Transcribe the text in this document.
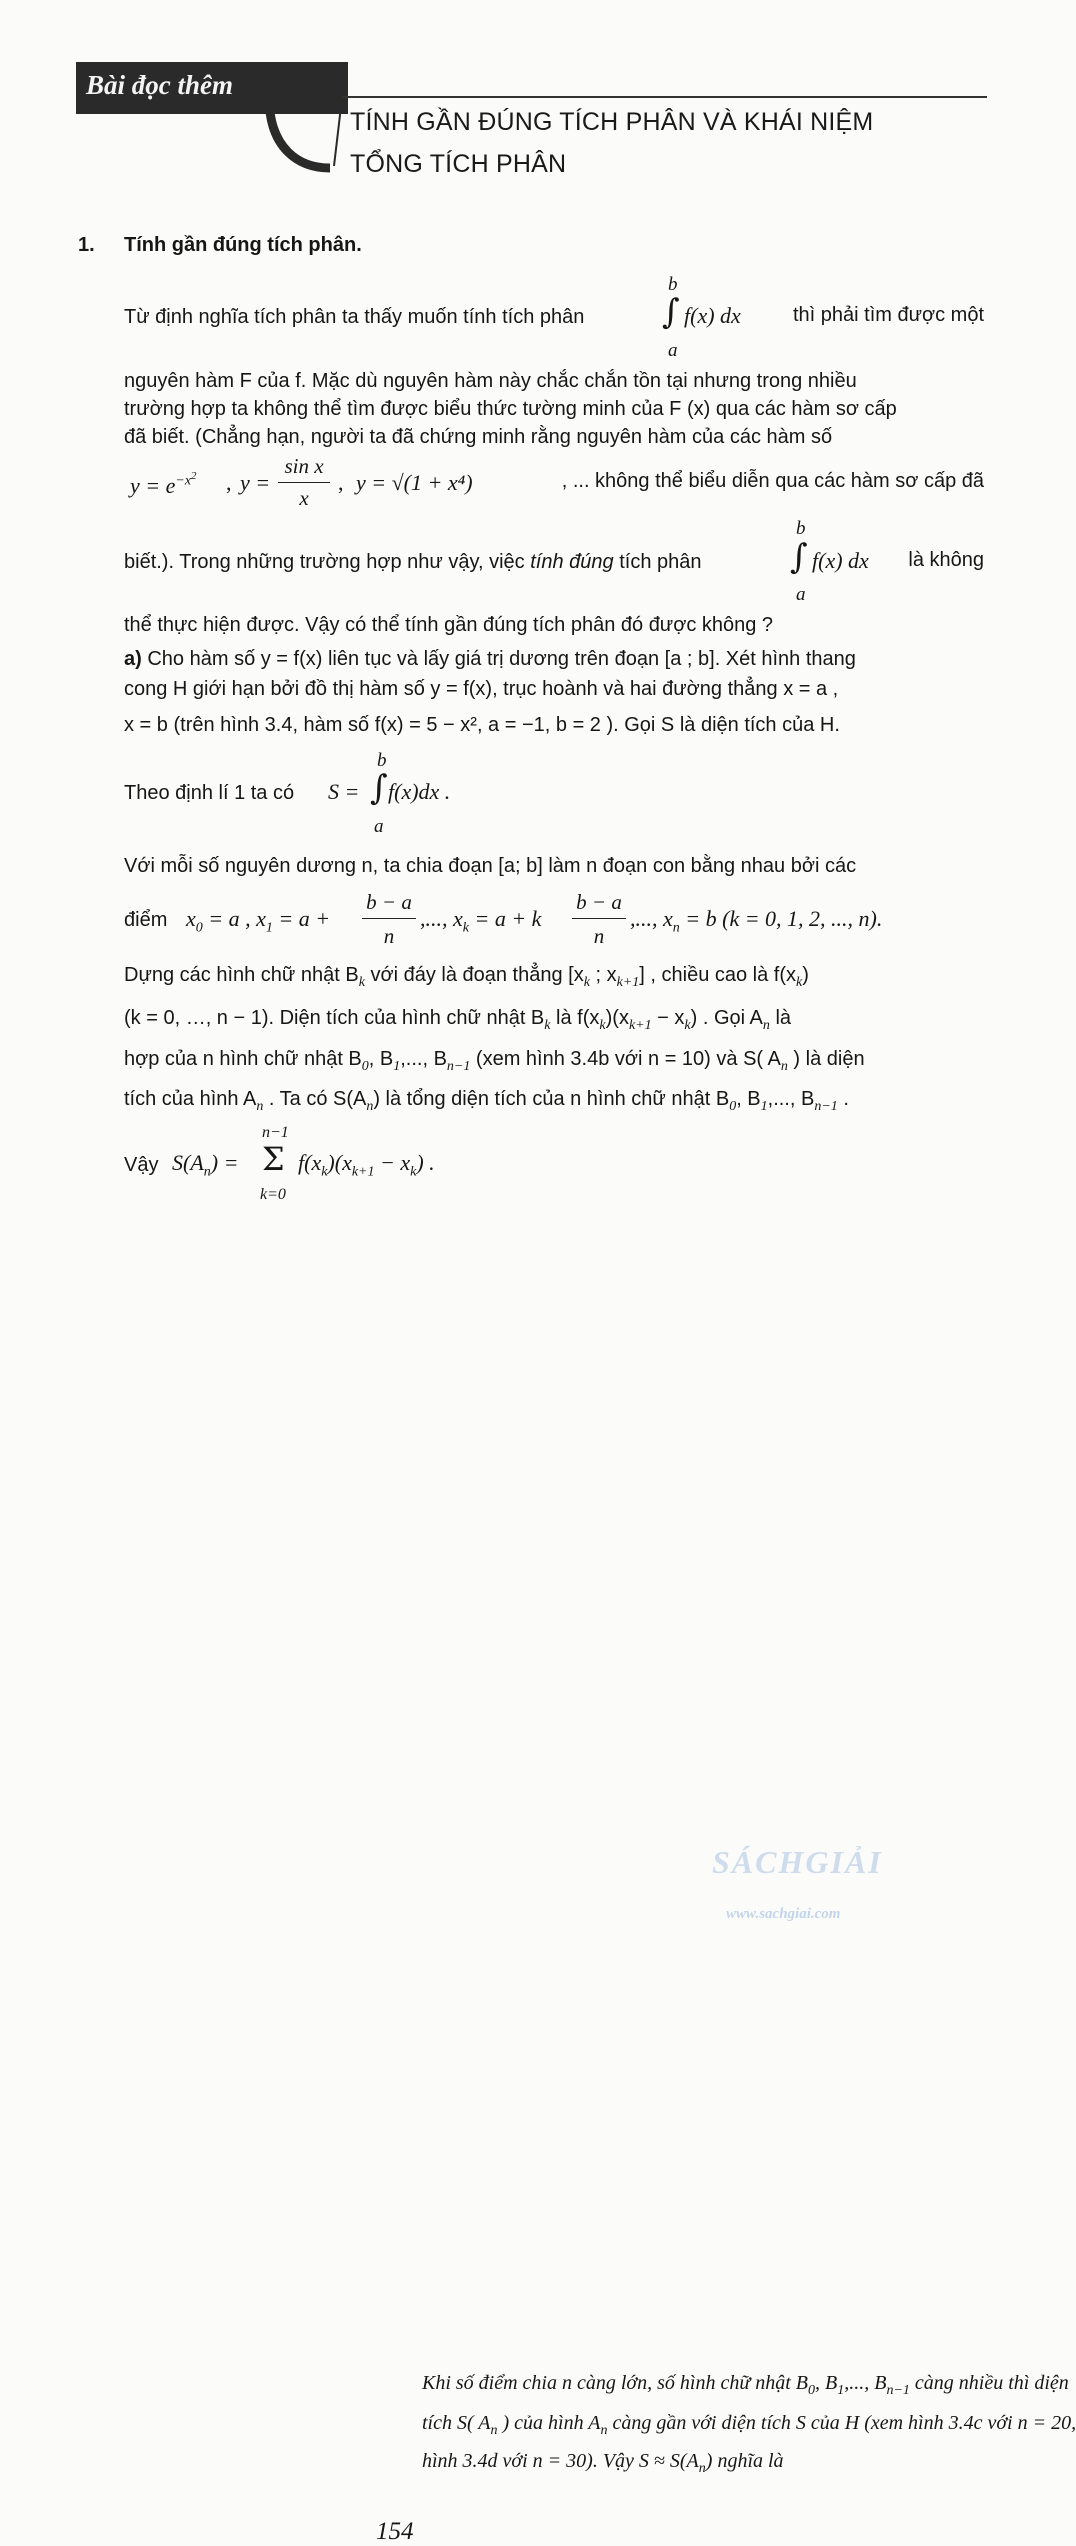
Bài đọc thêm
TÍNH GẦN ĐÚNG TÍCH PHÂN VÀ KHÁI NIỆM
TỔNG TÍCH PHÂN
1. Tính gần đúng tích phân.
Từ định nghĩa tích phân ta thấy muốn tính tích phân
b
∫
a
f(x) dx	thì phải tìm được một
nguyên hàm F của f. Mặc dù nguyên hàm này chắc chắn tồn tại nhưng trong nhiều
trường hợp ta không thể tìm được biểu thức tường minh của F (x) qua các hàm sơ cấp
đã biết. (Chẳng hạn, người ta đã chứng minh rằng nguyên hàm của các hàm số
$y = e^{-x2}$ , y =
sin x
x
, y = √(1 + x⁴)	, ... không thể biểu diễn qua các hàm sơ cấp đã
biết.). Trong những trường hợp như vậy, việc tính đúng tích phân
b
∫
a
f(x) dx là không
thể thực hiện được. Vậy có thể tính gần đúng tích phân đó được không ?
a) Cho hàm số y = f(x) liên tục và lấy giá trị dương trên đoạn [a ; b]. Xét hình thang
cong H giới hạn bởi đồ thị hàm số y = f(x), trục hoành và hai đường thẳng x = a ,
x = b (trên hình 3.4, hàm số f(x) = 5 − x², a = −1, b = 2 ). Gọi S là diện tích của H.
Theo định lí 1 ta có S =
b
∫
a
f(x)dx .
Với mỗi số nguyên dương n, ta chia đoạn [a; b] làm n đoạn con bằng nhau bởi các
điểm $x_0 = a$ , $x_1 = a$ +
b − a
n
,..., $x_k = a + k$
b − a
n
,..., $x_n = b$ (k = 0, 1, 2, ..., n).
Dựng các hình chữ nhật $B_k$ với đáy là đoạn thẳng [$x_k$ ; $x_{k+1}$] , chiều cao là $f(x_k)$
(k = 0, …, n − 1). Diện tích của hình chữ nhật $B_k$ là $f(x_k)(x_{k+1} - x_k)$ . Gọi $A_n$ là
hợp của n hình chữ nhật $B_0$, $B_1$,..., $B_{n-1}$ (xem hình 3.4b với n = 10) và S( $A_n$ ) là diện
tích của hình $A_n$ . Ta có $S(A_n)$ là tổng diện tích của n hình chữ nhật $B_0$, $B_1$,..., $B_{n-1}$ .
Vậy $S(A_n)$ =
n−1
Σ
k=0
$f(x_k)(x_{k+1} - x_k)$ .
Khi số điểm chia n càng lớn, số hình chữ nhật $B_0$, $B_1$,..., $B_{n-1}$ càng nhiều thì diện
tích S( $A_n$ ) của hình $A_n$ càng gần với diện tích S của H (xem hình 3.4c với n = 20,
hình 3.4d với n = 30). Vậy $S \approx S(A_n)$ nghĩa là
SÁCHGIẢI
www.sachgiai.com
154
